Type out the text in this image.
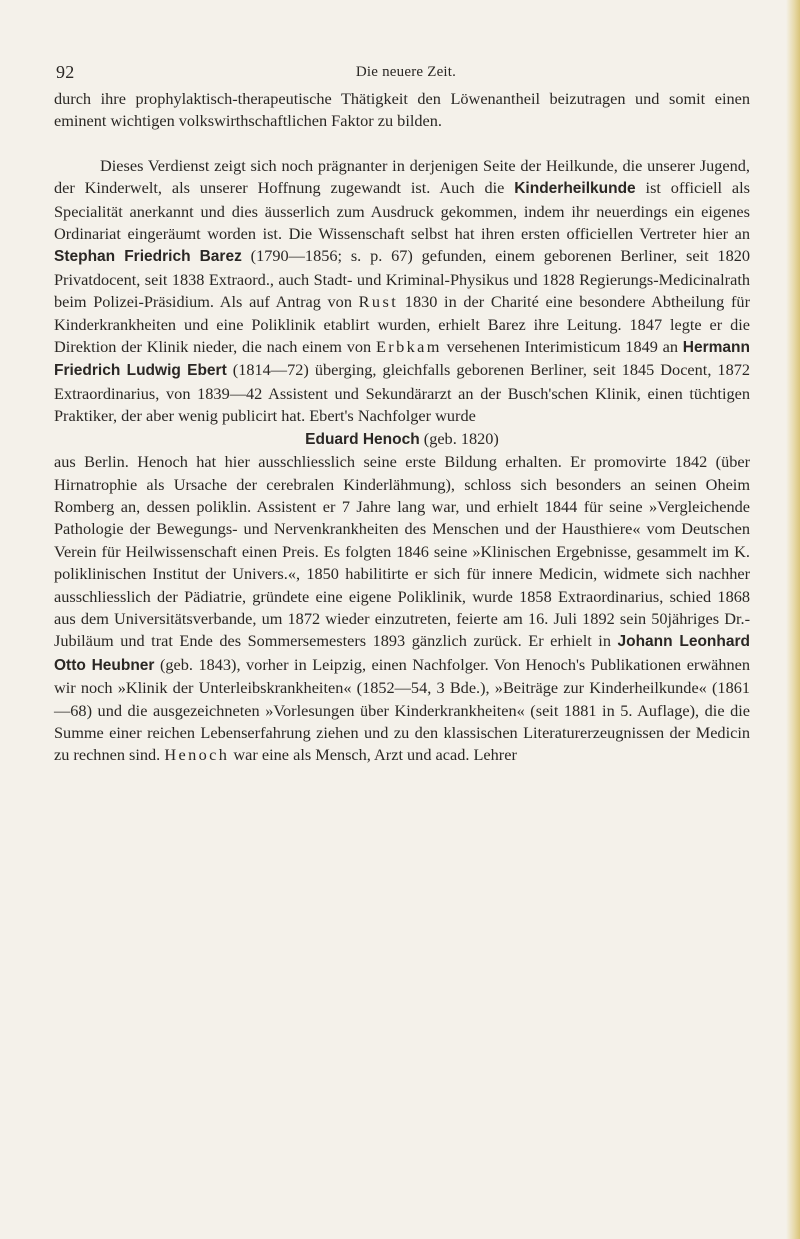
92	Die neuere Zeit.

durch ihre prophylaktisch-therapeutische Thätigkeit den Löwenantheil beizutragen und somit einen eminent wichtigen volkswirthschaftlichen Faktor zu bilden.

Dieses Verdienst zeigt sich noch prägnanter in derjenigen Seite der Heilkunde, die unserer Jugend, der Kinderwelt, als unserer Hoffnung zugewandt ist. Auch die Kinderheilkunde ist officiell als Specialität anerkannt und dies äusserlich zum Ausdruck gekommen, indem ihr neuerdings ein eigenes Ordinariat eingeräumt worden ist. Die Wissenschaft selbst hat ihren ersten officiellen Vertreter hier an Stephan Friedrich Barez (1790—1856; s. p. 67) gefunden, einem geborenen Berliner, seit 1820 Privatdocent, seit 1838 Extraord., auch Stadt- und Kriminal-Physikus und 1828 Regierungs-Medicinalrath beim Polizei-Präsidium. Als auf Antrag von Rust 1830 in der Charité eine besondere Abtheilung für Kinderkrankheiten und eine Poliklinik etablirt wurden, erhielt Barez ihre Leitung. 1847 legte er die Direktion der Klinik nieder, die nach einem von Erbkam versehenen Interimisticum 1849 an Hermann Friedrich Ludwig Ebert (1814—72) überging, gleichfalls geborenen Berliner, seit 1845 Docent, 1872 Extraordinarius, von 1839—42 Assistent und Sekundärarzt an der Busch'schen Klinik, einen tüchtigen Praktiker, der aber wenig publicirt hat. Ebert's Nachfolger wurde

Eduard Henoch (geb. 1820)

aus Berlin. Henoch hat hier ausschliesslich seine erste Bildung erhalten. Er promovirte 1842 (über Hirnatrophie als Ursache der cerebralen Kinderlähmung), schloss sich besonders an seinen Oheim Romberg an, dessen poliklin. Assistent er 7 Jahre lang war, und erhielt 1844 für seine »Vergleichende Pathologie der Bewegungs- und Nervenkrankheiten des Menschen und der Hausthiere« vom Deutschen Verein für Heilwissenschaft einen Preis. Es folgten 1846 seine »Klinischen Ergebnisse, gesammelt im K. poliklinischen Institut der Univers.«, 1850 habilitirte er sich für innere Medicin, widmete sich nachher ausschliesslich der Pädiatrie, gründete eine eigene Poliklinik, wurde 1858 Extraordinarius, schied 1868 aus dem Universitätsverbande, um 1872 wieder einzutreten, feierte am 16. Juli 1892 sein 50jähriges Dr.-Jubiläum und trat Ende des Sommersemesters 1893 gänzlich zurück. Er erhielt in Johann Leonhard Otto Heubner (geb. 1843), vorher in Leipzig, einen Nachfolger. Von Henoch's Publikationen erwähnen wir noch »Klinik der Unterleibskrankheiten« (1852—54, 3 Bde.), »Beiträge zur Kinderheilkunde« (1861—68) und die ausgezeichneten »Vorlesungen über Kinderkrankheiten« (seit 1881 in 5. Auflage), die die Summe einer reichen Lebenserfahrung ziehen und zu den klassischen Literaturerzeugnissen der Medicin zu rechnen sind. Henoch war eine als Mensch, Arzt und acad. Lehrer
